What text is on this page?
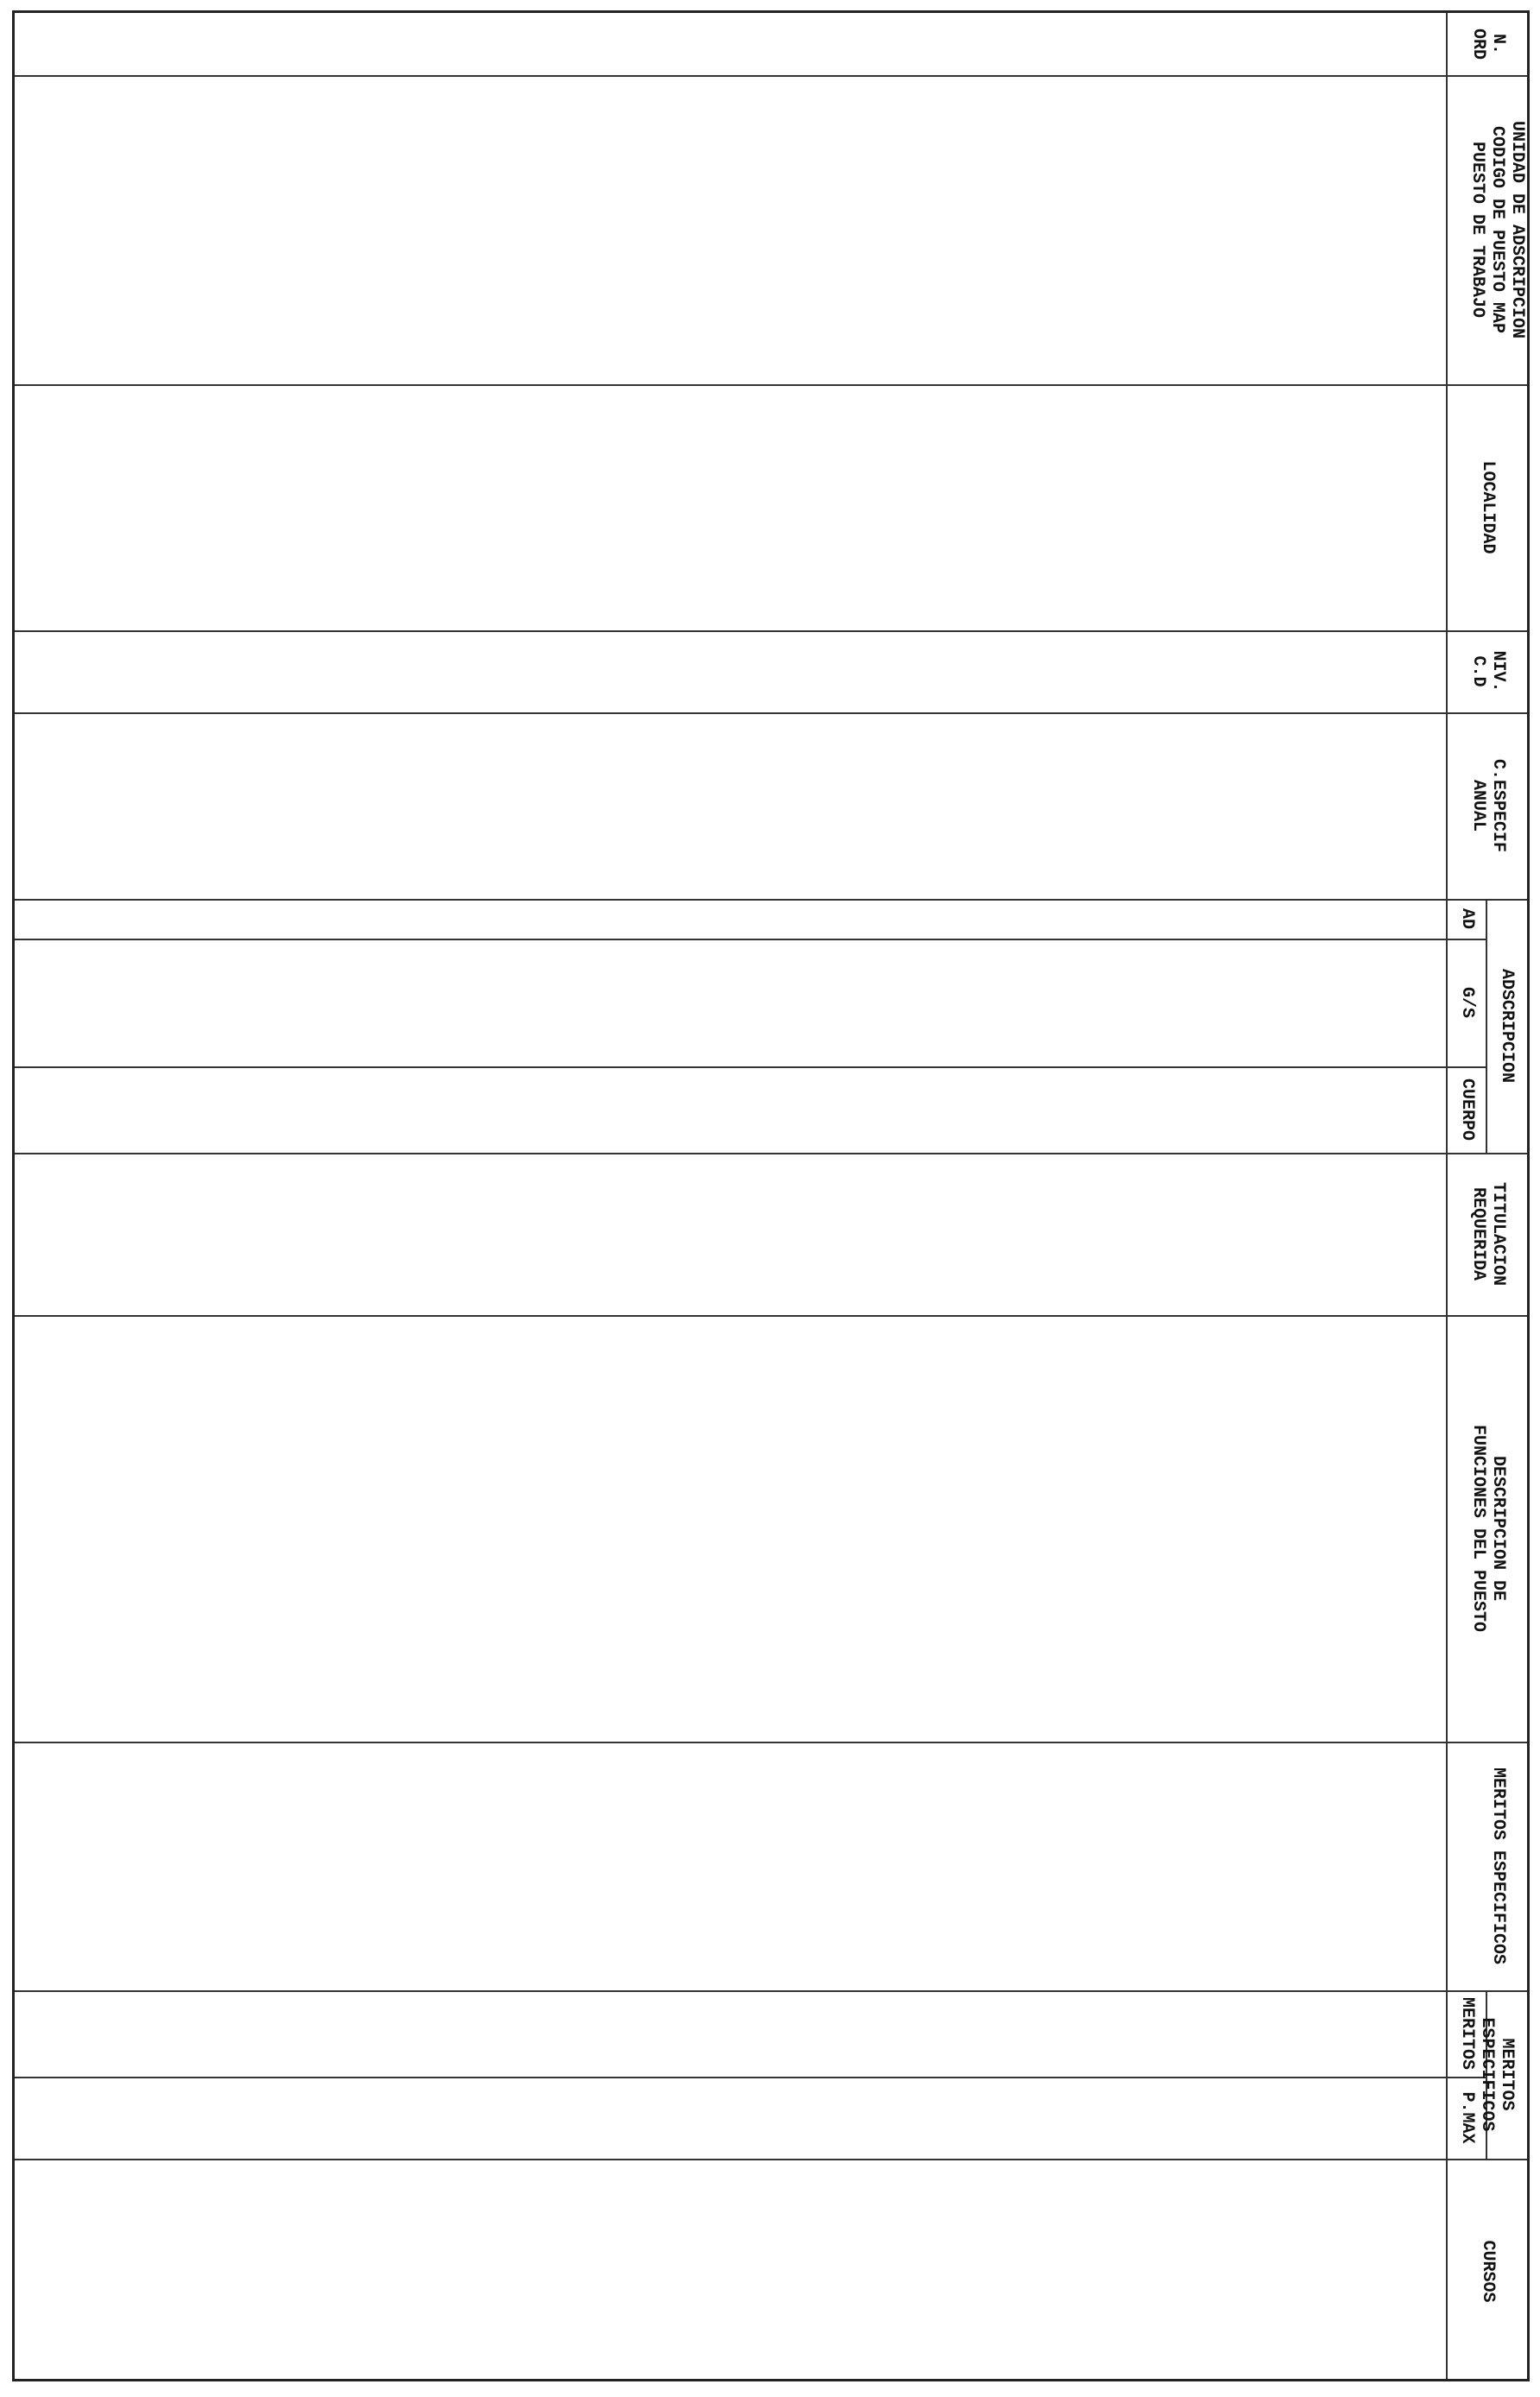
N.
ORD
UNIDAD DE ADSCRIPCION
CODIGO DE PUESTO MAP
PUESTO DE TRABAJO
LOCALIDAD
NIV.
C.D
C.ESPECIF
ANUAL
ADSCRIPCION
AD
G/S
CUERPO
TITULACION
REQUERIDA
DESCRIPCION DE
FUNCIONES DEL PUESTO
MERITOS ESPECIFICOS
MERITOS ESPECIFICOS
MERITOS
P.MAX
CURSOS
